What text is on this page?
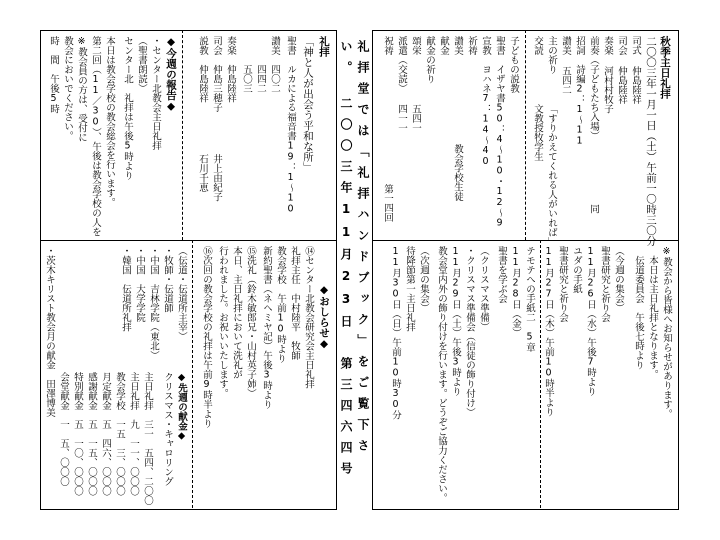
礼拝堂では「礼拝ハンドブック」をご覧下さい。　二〇〇三年11月23日　第三四六四号	秋季主日礼拝
二〇〇三年一月一日（土）午前一〇時三〇分
司式 仲島陸祥
司会 仲島陸祥
奏楽 河村村牧子
前奏（子どもたち入場）
招詞　詩編2：1〜11
讃美 五四二
主の祈り
交読
「すりかえてくれる人がいれば」
文教授牧学生
同
子どもの説教
聖書　イザヤ書50：4〜10・12〜9
宣教　ヨハネ7：14〜40
祈祷
讃美
献金
献金の祈り
頌栄
派遣（交読）
祝祷
五四一
四一一
教会学校生徒
第一四回
※教会から皆様へお知らせがあります。
　本日は主日礼拝となります。
　伝道委員会　午後七時より
（今週の集会）
聖書研究と祈り会
11月26日（水）午後7時より
ユダの手紙
聖書研究と祈り会
11月27日（木）午前10時半より
テモテへの手紙二　5章
11月28日（金）
聖書を学ぶ会
（クリスマス準備）
・クリスマス準備会（信徒の飾り付け）
11月29日（土）午後3時より
教会堂内外の飾り付けを行います。どうぞご協力ください。
（次週の集会）
待降節第一主日礼拝
11月30日（日）午前10時30分
礼拝
「神と人が出会う平和な所」
聖書　ルカによる福音書19：1〜10
讃美　四〇二
　　　四四二
　　　五〇三
奏楽　仲島陸祥
司会　仲島三穂子
説教　仲島陸祥
井上由紀子
石川千恵
◆今週の報告◆
・センター北教会主日礼拝
（聖書朗読）
センター北　礼拝は午後5時より
本日は教会学校の教会総会を行います。
第二回（11／30）、午後は教会学校の人を
※教会員の方は、受付に
教会においでください。
時　間　午後5時
◆おしらせ◆
⑭センター北教会研究会主日礼拝
礼拝主任　中村陸平　牧師
教会学校　午前10時より
新約聖書（ネヘミヤ記）午後3時より
⑮洗礼（鈴木敏郎兄・山村英子姉）
本日、主日礼拝において洗礼が
行われました。お祝いいたします。
⑯次回の教会学校の礼拝は午前9時半より
（伝道・伝道所主宰）
・牧師・伝道師
・中国　吉林学院（東北）
・中国　大学学院
・韓国　伝道所礼拝
◆先週の献金◆
クリスマス・キャロリング
主日礼拝　三一　五四、二〇〇
主日礼拝　九　一一、〇〇〇
教会学校　一五　三、〇〇〇
月定献金　五　四六、〇〇〇
感謝献金　五　一五、〇〇〇
特別献金　五　一〇、〇〇〇
会堂献金　一　五、〇〇〇
・茨木キリスト教会月の献金　田澤博美
